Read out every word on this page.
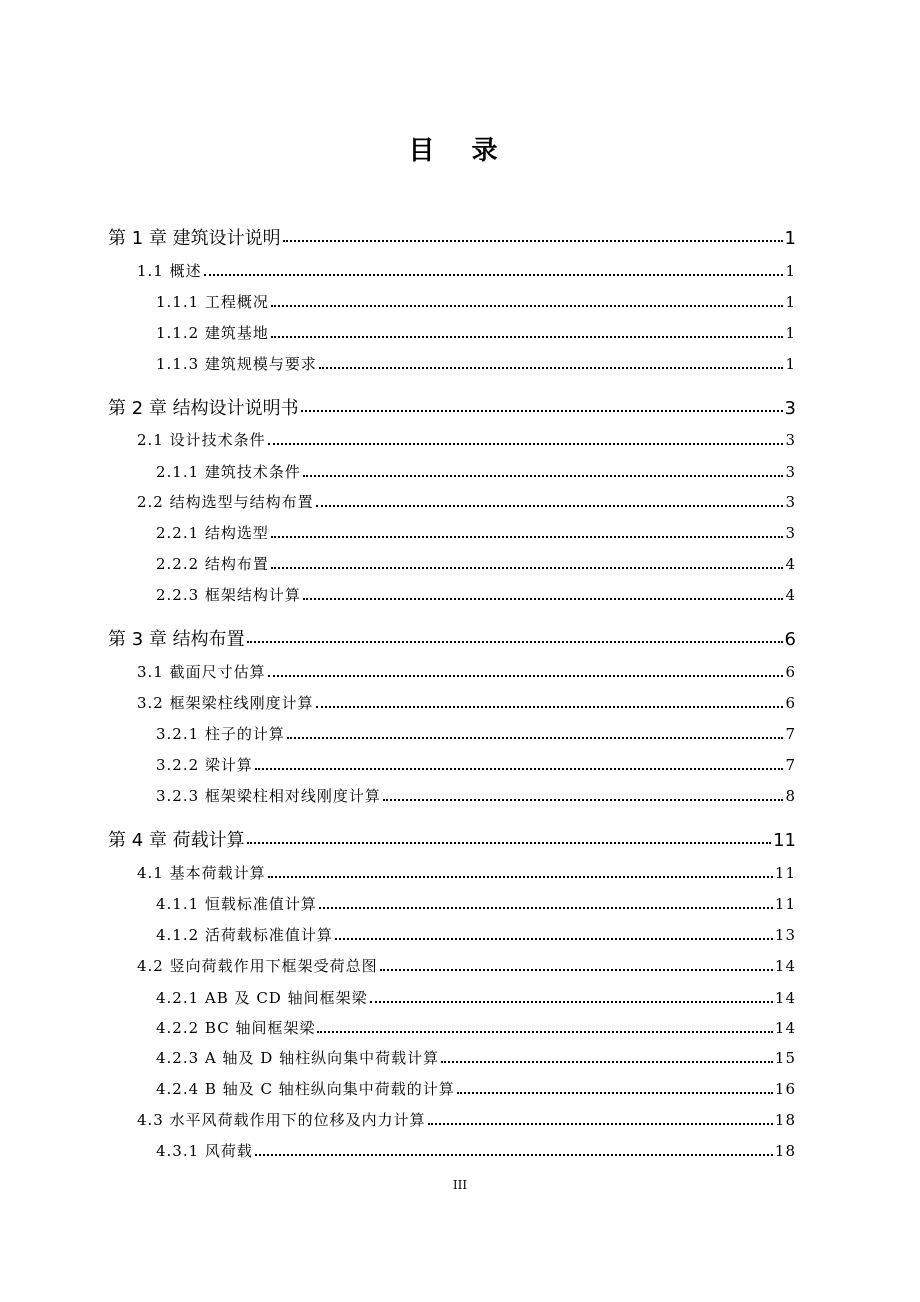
目 录
第 1 章 建筑设计说明	1
1.1 概述	1
1.1.1 工程概况	1
1.1.2 建筑基地	1
1.1.3 建筑规模与要求	1
第 2 章 结构设计说明书	3
2.1 设计技术条件	3
2.1.1 建筑技术条件	3
2.2 结构选型与结构布置	3
2.2.1 结构选型	3
2.2.2 结构布置	4
2.2.3 框架结构计算	4
第 3 章 结构布置	6
3.1 截面尺寸估算	6
3.2 框架梁柱线刚度计算	6
3.2.1 柱子的计算	7
3.2.2 梁计算	7
3.2.3 框架梁柱相对线刚度计算	8
第 4 章 荷载计算	11
4.1 基本荷载计算	11
4.1.1 恒载标准值计算	11
4.1.2 活荷载标准值计算	13
4.2 竖向荷载作用下框架受荷总图	14
4.2.1 AB 及 CD 轴间框架梁	14
4.2.2 BC 轴间框架梁	14
4.2.3 A 轴及 D 轴柱纵向集中荷载计算	15
4.2.4 B 轴及 C 轴柱纵向集中荷载的计算	16
4.3 水平风荷载作用下的位移及内力计算	18
4.3.1 风荷载	18
III
